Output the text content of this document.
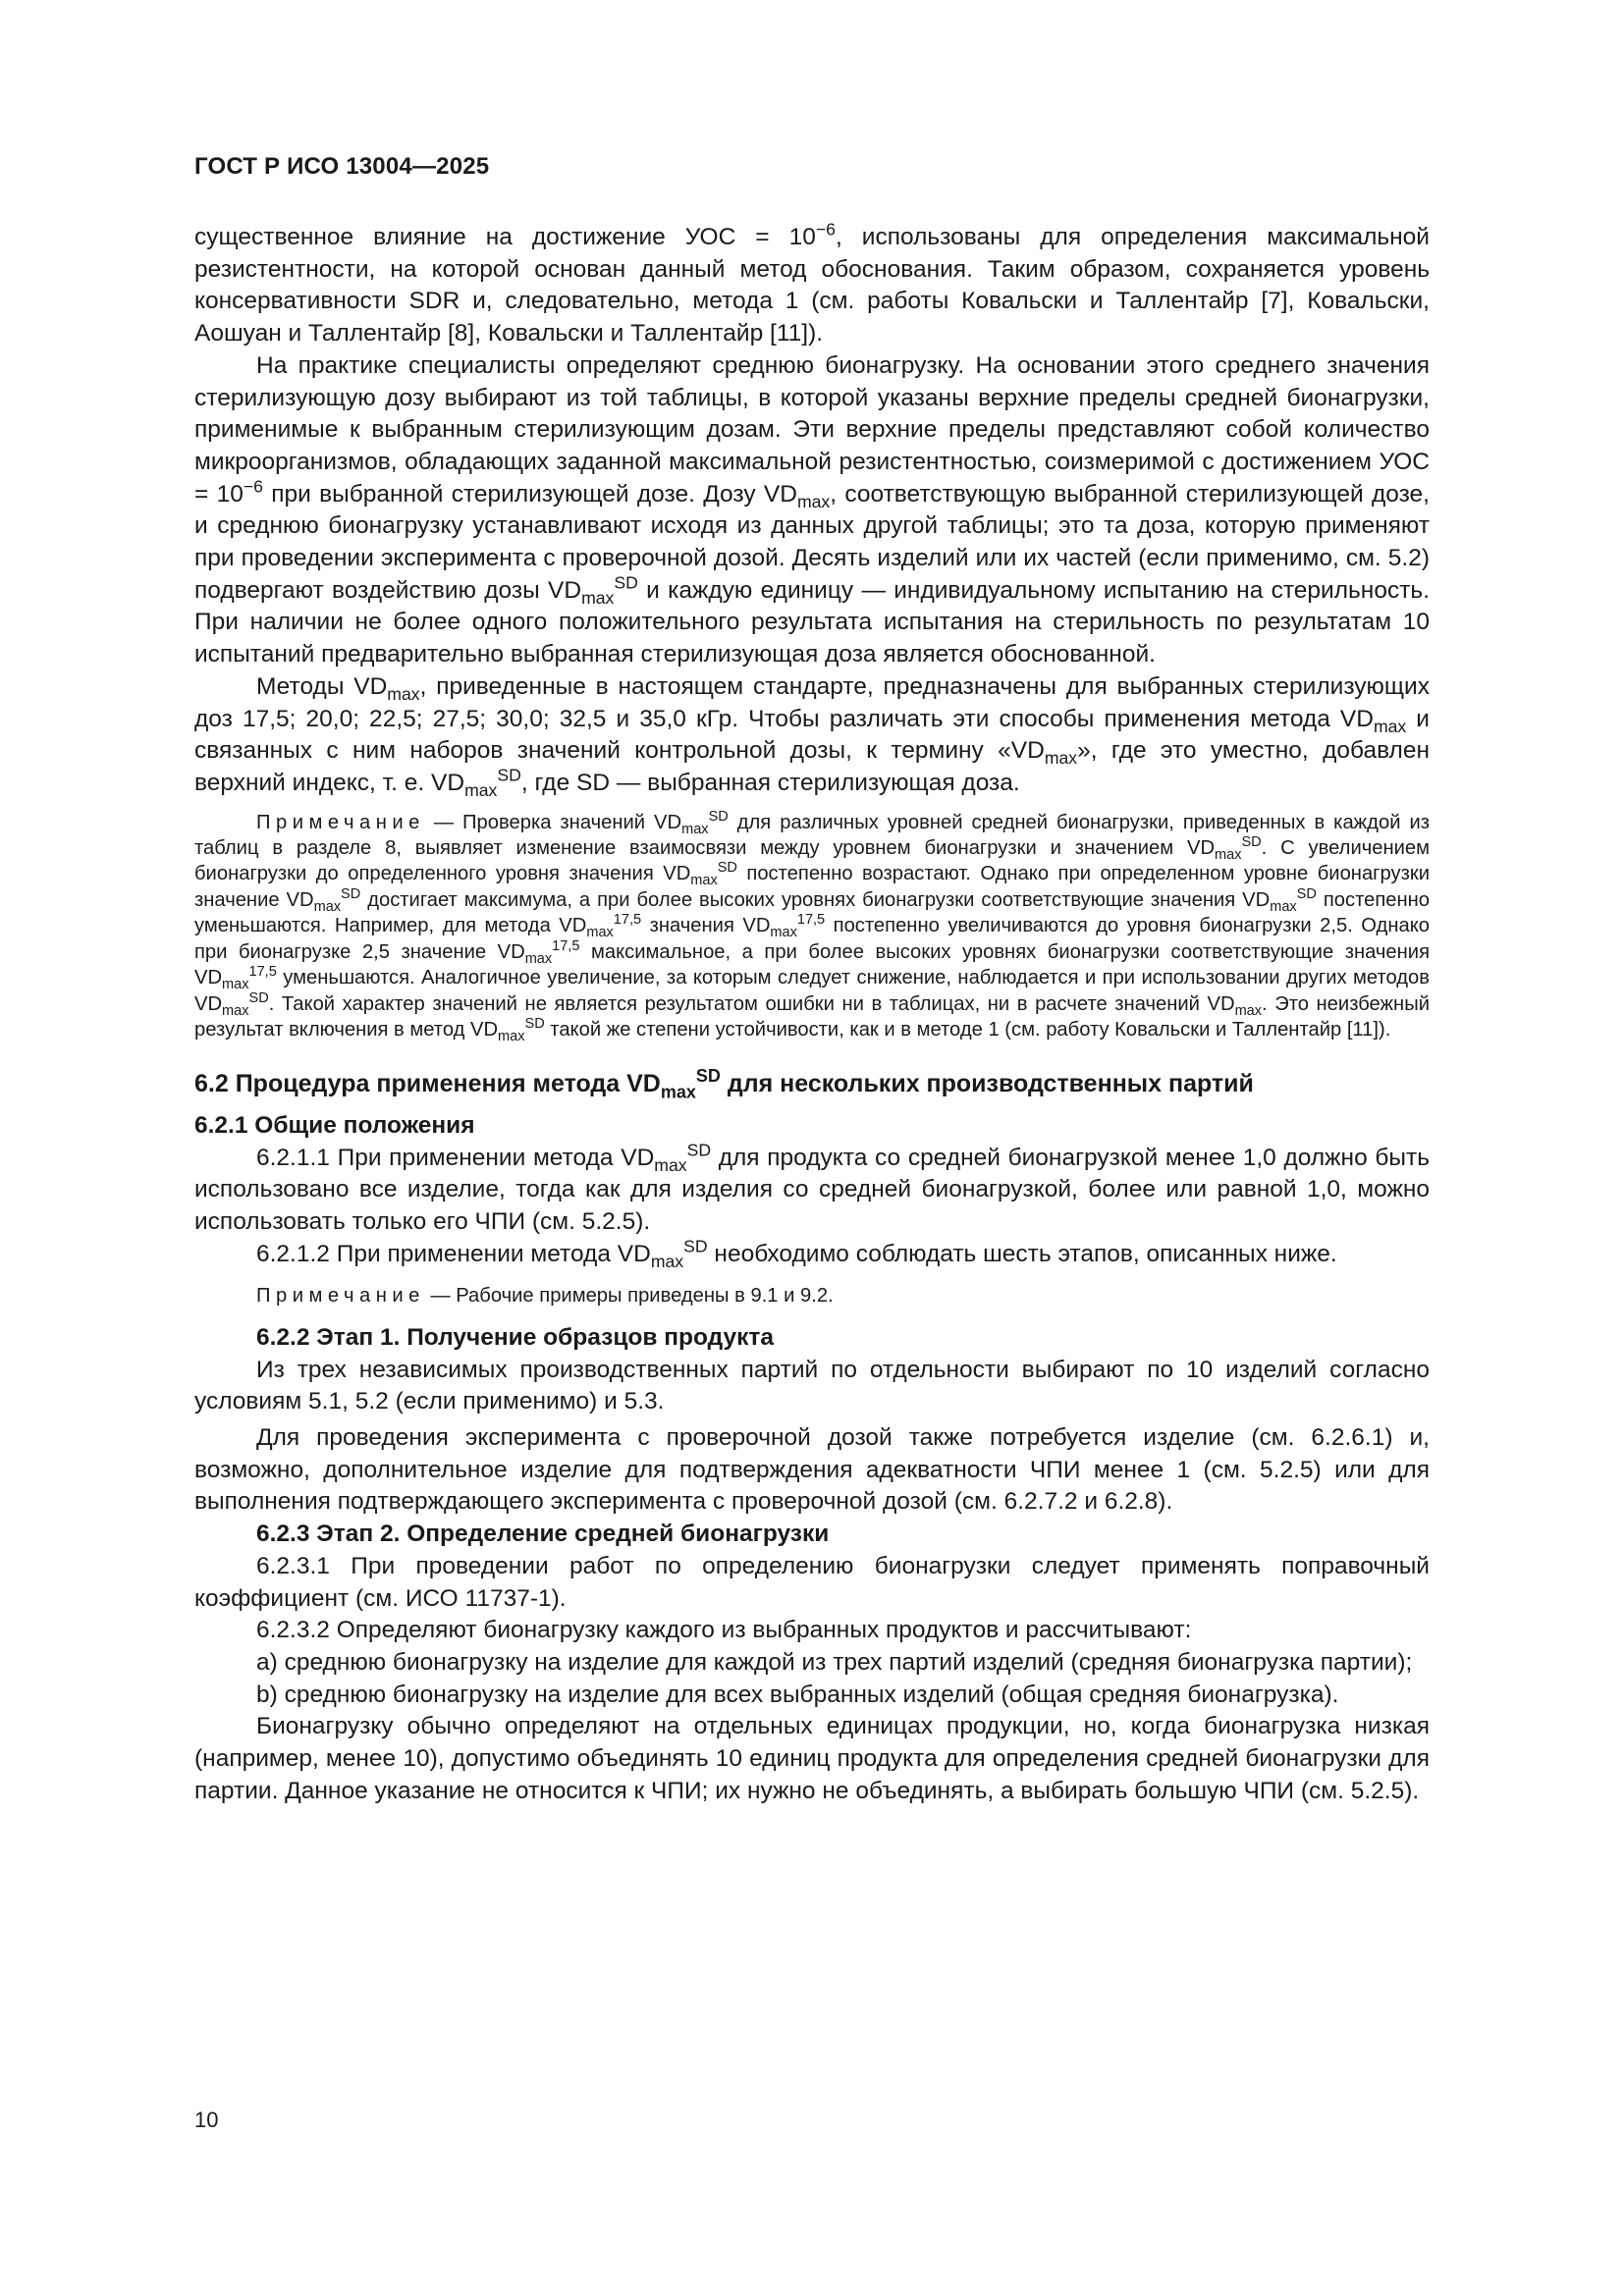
ГОСТ Р ИСО 13004—2025

существенное влияние на достижение УОС = $10^{-6}$, использованы для определения максимальной резистентности, на которой основан данный метод обоснования. Таким образом, сохраняется уровень консервативности SDR и, следовательно, метода 1 (см. работы Ковальски и Таллентайр [7], Ковальски, Аошуан и Таллентайр [8], Ковальски и Таллентайр [11]).

На практике специалисты определяют среднюю бионагрузку. На основании этого среднего значения стерилизующую дозу выбирают из той таблицы, в которой указаны верхние пределы средней бионагрузки, применимые к выбранным стерилизующим дозам. Эти верхние пределы представляют собой количество микроорганизмов, обладающих заданной максимальной резистентностью, соизмеримой с достижением УОС = $10^{-6}$ при выбранной стерилизующей дозе. Дозу $VD_{max}$, соответствующую выбранной стерилизующей дозе, и среднюю бионагрузку устанавливают исходя из данных другой таблицы; это та доза, которую применяют при проведении эксперимента с проверочной дозой. Десять изделий или их частей (если применимо, см. 5.2) подвергают воздействию дозы $VD_{max}^{SD}$ и каждую единицу — индивидуальному испытанию на стерильность. При наличии не более одного положительного результата испытания на стерильность по результатам 10 испытаний предварительно выбранная стерилизующая доза является обоснованной.

Методы $VD_{max}$, приведенные в настоящем стандарте, предназначены для выбранных стерилизующих доз 17,5; 20,0; 22,5; 27,5; 30,0; 32,5 и 35,0 кГр. Чтобы различать эти способы применения метода $VD_{max}$ и связанных с ним наборов значений контрольной дозы, к термину «$VD_{max}$», где это уместно, добавлен верхний индекс, т. е. $VD_{max}^{SD}$, где SD — выбранная стерилизующая доза.

Примечание — Проверка значений $VD_{max}^{SD}$ для различных уровней средней бионагрузки, приведенных в каждой из таблиц в разделе 8, выявляет изменение взаимосвязи между уровнем бионагрузки и значением $VD_{max}^{SD}$. С увеличением бионагрузки до определенного уровня значения $VD_{max}^{SD}$ постепенно возрастают. Однако при определенном уровне бионагрузки значение $VD_{max}^{SD}$ достигает максимума, а при более высоких уровнях бионагрузки соответствующие значения $VD_{max}^{SD}$ постепенно уменьшаются. Например, для метода $VD_{max}^{17,5}$ значения $VD_{max}^{17,5}$ постепенно увеличиваются до уровня бионагрузки 2,5. Однако при бионагрузке 2,5 значение $VD_{max}^{17,5}$ максимальное, а при более высоких уровнях бионагрузки соответствующие значения $VD_{max}^{17,5}$ уменьшаются. Аналогичное увеличение, за которым следует снижение, наблюдается и при использовании других методов $VD_{max}^{SD}$. Такой характер значений не является результатом ошибки ни в таблицах, ни в расчете значений $VD_{max}$. Это неизбежный результат включения в метод $VD_{max}^{SD}$ такой же степени устойчивости, как и в методе 1 (см. работу Ковальски и Таллентайр [11]).

6.2 Процедура применения метода $VD_{max}^{SD}$ для нескольких производственных партий

6.2.1 Общие положения

6.2.1.1 При применении метода $VD_{max}^{SD}$ для продукта со средней бионагрузкой менее 1,0 должно быть использовано все изделие, тогда как для изделия со средней бионагрузкой, более или равной 1,0, можно использовать только его ЧПИ (см. 5.2.5).

6.2.1.2 При применении метода $VD_{max}^{SD}$ необходимо соблюдать шесть этапов, описанных ниже.

Примечание — Рабочие примеры приведены в 9.1 и 9.2.

6.2.2 Этап 1. Получение образцов продукта

Из трех независимых производственных партий по отдельности выбирают по 10 изделий согласно условиям 5.1, 5.2 (если применимо) и 5.3.

Для проведения эксперимента с проверочной дозой также потребуется изделие (см. 6.2.6.1) и, возможно, дополнительное изделие для подтверждения адекватности ЧПИ менее 1 (см. 5.2.5) или для выполнения подтверждающего эксперимента с проверочной дозой (см. 6.2.7.2 и 6.2.8).

6.2.3 Этап 2. Определение средней бионагрузки

6.2.3.1 При проведении работ по определению бионагрузки следует применять поправочный коэффициент (см. ИСО 11737-1).

6.2.3.2 Определяют бионагрузку каждого из выбранных продуктов и рассчитывают:

a) среднюю бионагрузку на изделие для каждой из трех партий изделий (средняя бионагрузка партии);

b) среднюю бионагрузку на изделие для всех выбранных изделий (общая средняя бионагрузка).

Бионагрузку обычно определяют на отдельных единицах продукции, но, когда бионагрузка низкая (например, менее 10), допустимо объединять 10 единиц продукта для определения средней бионагрузки для партии. Данное указание не относится к ЧПИ; их нужно не объединять, а выбирать большую ЧПИ (см. 5.2.5).

10
